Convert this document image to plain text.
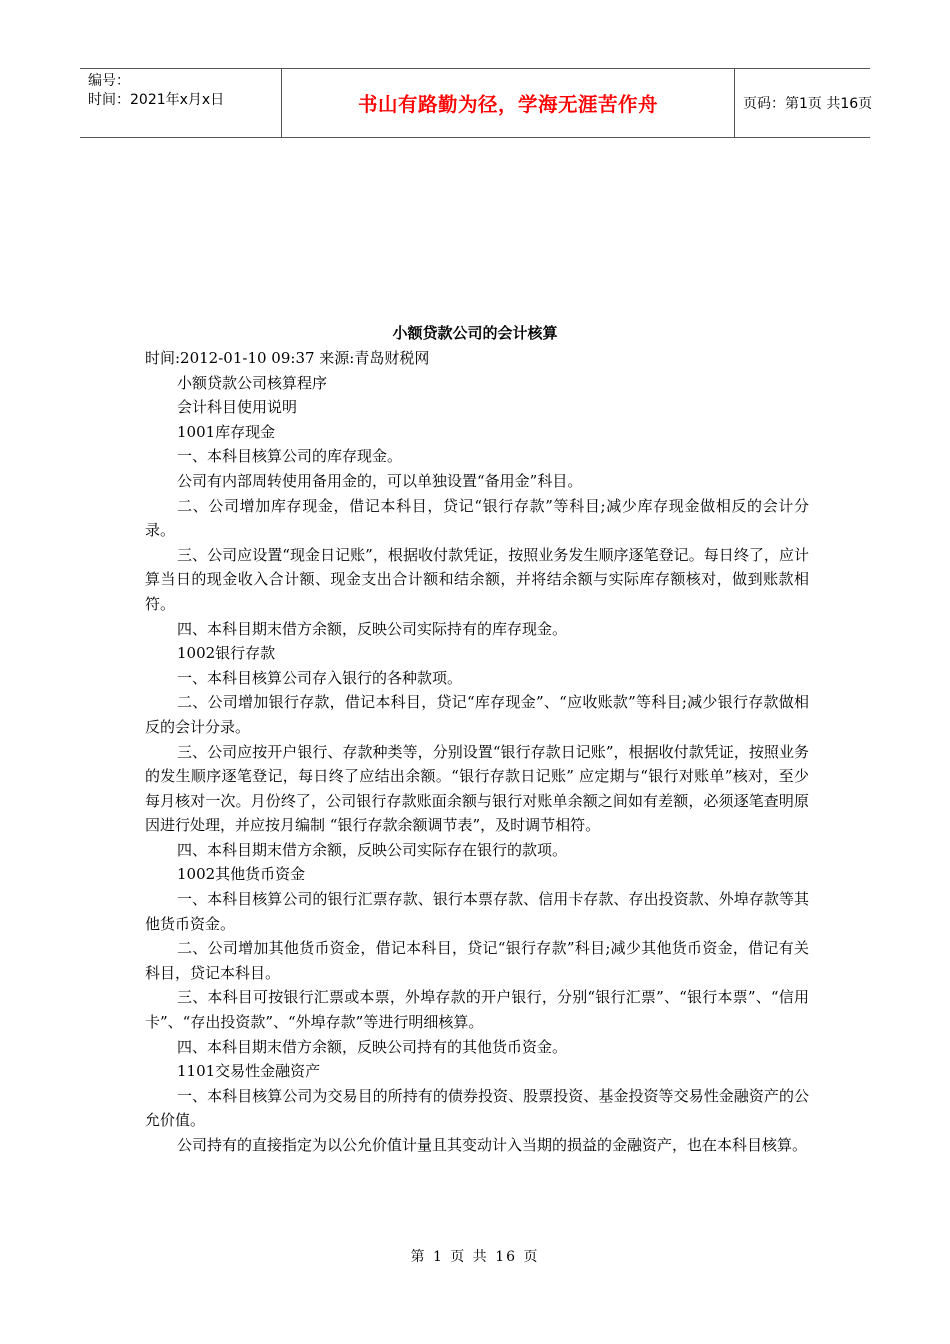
编号：
时间：2021年x月x日	书山有路勤为径，学海无涯苦作舟	页码：第1页 共16页
小额贷款公司的会计核算

时间:2012-01-10 09:37 来源:青岛财税网

小额贷款公司核算程序

会计科目使用说明

1001库存现金

一、本科目核算公司的库存现金。

公司有内部周转使用备用金的，可以单独设置“备用金”科目。

二、公司增加库存现金，借记本科目，贷记“银行存款”等科目;减少库存现金做相反的会计分录。

三、公司应设置“现金日记账”，根据收付款凭证，按照业务发生顺序逐笔登记。每日终了，应计算当日的现金收入合计额、现金支出合计额和结余额，并将结余额与实际库存额核对，做到账款相符。

四、本科目期末借方余额，反映公司实际持有的库存现金。

1002银行存款

一、本科目核算公司存入银行的各种款项。

二、公司增加银行存款，借记本科目，贷记“库存现金”、“应收账款”等科目;减少银行存款做相反的会计分录。

三、公司应按开户银行、存款种类等，分别设置“银行存款日记账”，根据收付款凭证，按照业务的发生顺序逐笔登记，每日终了应结出余额。“银行存款日记账” 应定期与“银行对账单”核对，至少每月核对一次。月份终了，公司银行存款账面余额与银行对账单余额之间如有差额，必须逐笔查明原因进行处理，并应按月编制 “银行存款余额调节表”，及时调节相符。

四、本科目期末借方余额，反映公司实际存在银行的款项。

1002其他货币资金

一、本科目核算公司的银行汇票存款、银行本票存款、信用卡存款、存出投资款、外埠存款等其他货币资金。

二、公司增加其他货币资金，借记本科目，贷记“银行存款”科目;减少其他货币资金，借记有关科目，贷记本科目。

三、本科目可按银行汇票或本票，外埠存款的开户银行，分别“银行汇票”、“银行本票”、“信用卡”、“存出投资款”、“外埠存款”等进行明细核算。

四、本科目期末借方余额，反映公司持有的其他货币资金。

1101交易性金融资产

一、本科目核算公司为交易目的所持有的债券投资、股票投资、基金投资等交易性金融资产的公允价值。

公司持有的直接指定为以公允价值计量且其变动计入当期的损益的金融资产，也在本科目核算。

第 1 页 共 16 页
